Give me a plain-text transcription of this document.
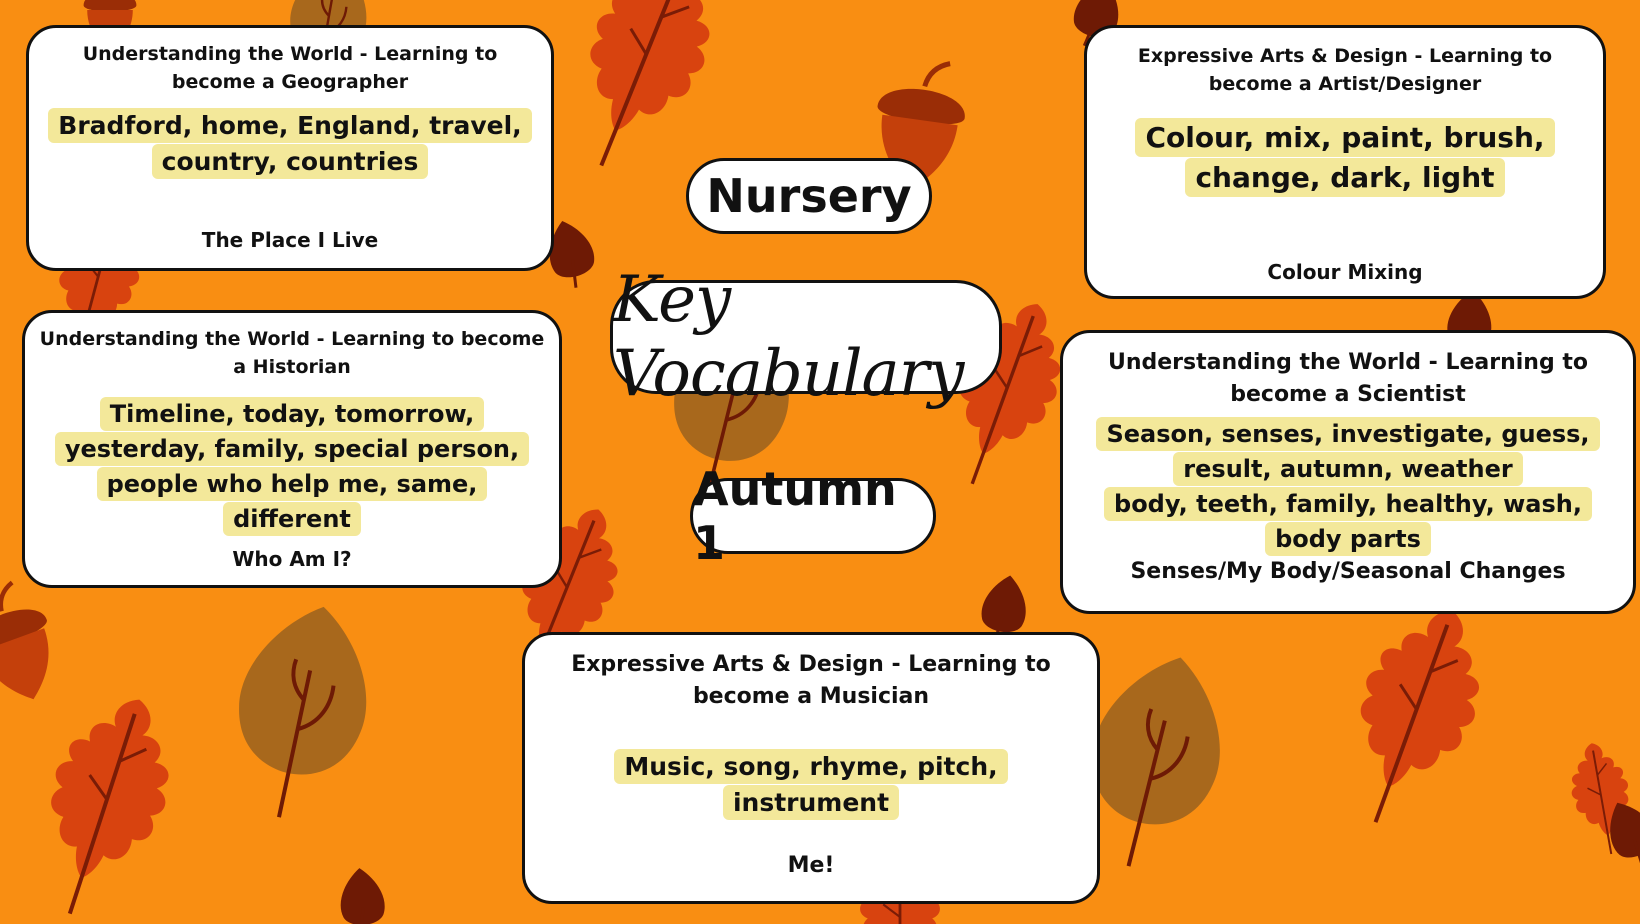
Nursery
Key Vocabulary
Autumn 1

Understanding the World - Learning to become a Geographer

Bradford, home, England, travel, country, countries

The Place I Live

Understanding the World - Learning to become a Historian

Timeline, today, tomorrow, yesterday, family, special person, people who help me, same, different

Who Am I?

Expressive Arts & Design - Learning to become a Artist/Designer

Colour, mix, paint, brush, change, dark, light

Colour Mixing

Understanding the World - Learning to become a Scientist

Season, senses, investigate, guess, result, autumn, weather

body, teeth, family, healthy, wash, body parts

Senses/My Body/Seasonal Changes

Expressive Arts & Design - Learning to become a Musician

Music, song, rhyme, pitch, instrument

Me!
